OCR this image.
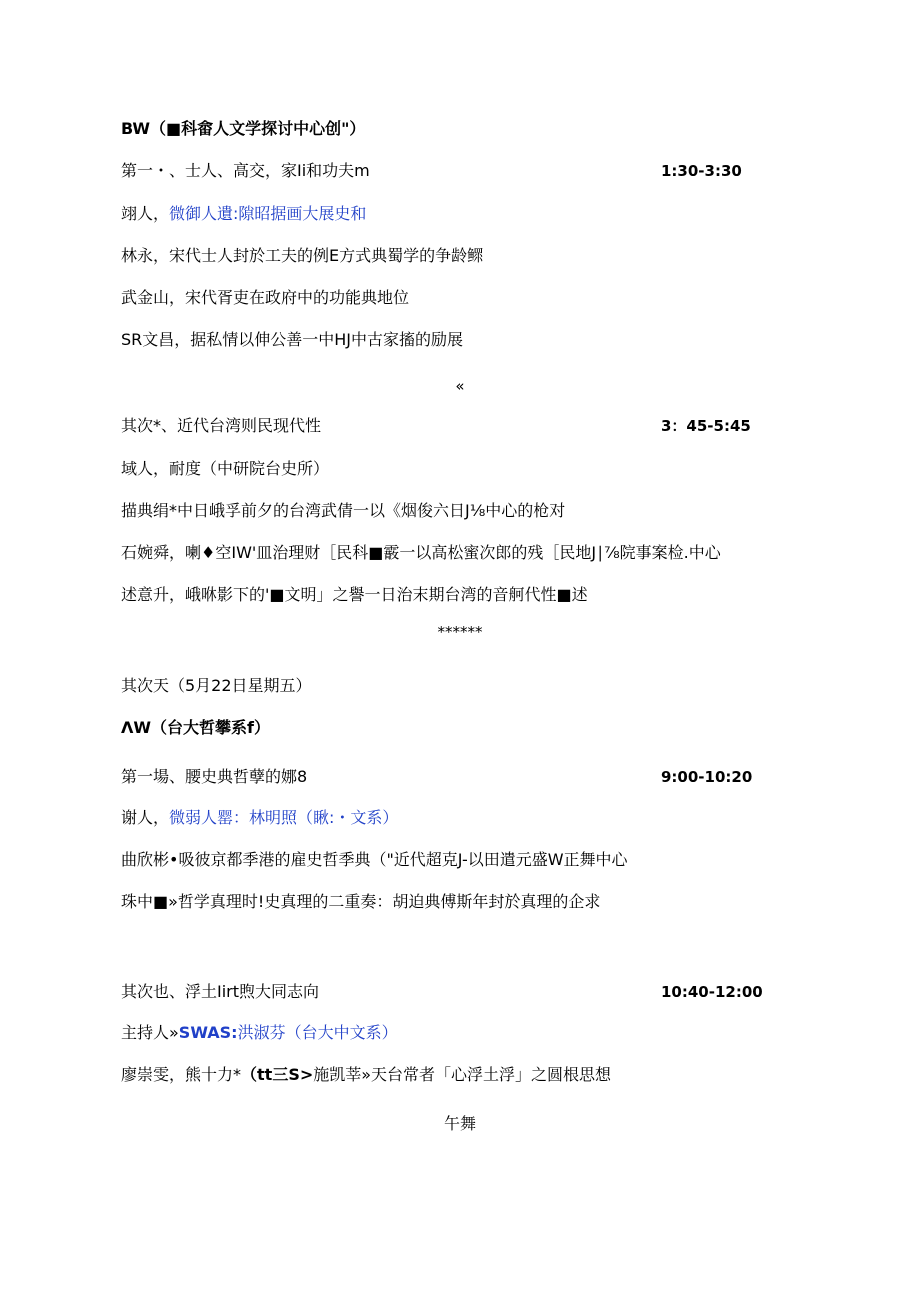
BW（■科畲人文学探讨中心创"）
第一・、士人、高交，家Ii和功夫m	1:30-3:30
翊人，微御人遺:隙昭据画大展史和
林永，宋代士人封於工夫的例E方式典蜀学的争龄鳏
武金山，宋代胥吏在政府中的功能典地位
SR文昌，据私情以伸公善一中HJ中古家搐的励展
«
其次*、近代台湾则民现代性	3：45-5:45
域人，耐度（中研院台史所）
描典绢*中日峨孚前夕的台湾武倩一以《烟俊六日J⅛中心的枪对
石婉舜，喇♦空IW'皿治理财［民科■霰一以高松蜜次郎的残［民地J∣⅞院事案检.中心
述意升，峨咻影下的'■文明」之譽一日治末期台湾的音舸代性■述
******
其次天（5月22日星期五）
ΛW（台大哲攀系f）
第一場、腰史典哲孽的娜8	9:00-10:20
谢人，微弱人罂：林明照（瞅:・文系）
曲欣彬•吸彼京都季港的雇史哲季典（"近代超克J-以田遣元盛W正舞中心
珠中■»哲学真理时!史真理的二重奏：胡迫典傅斯年封於真理的企求
其次也、浮土Iirt煦大同志向	10:40-12:00
主持人»SWAS:洪淑芬（台大中文系）
廖崇雯，熊十力*（tt三S>施凯莘»天台常者「心浮土浮」之圆根思想
午舞
